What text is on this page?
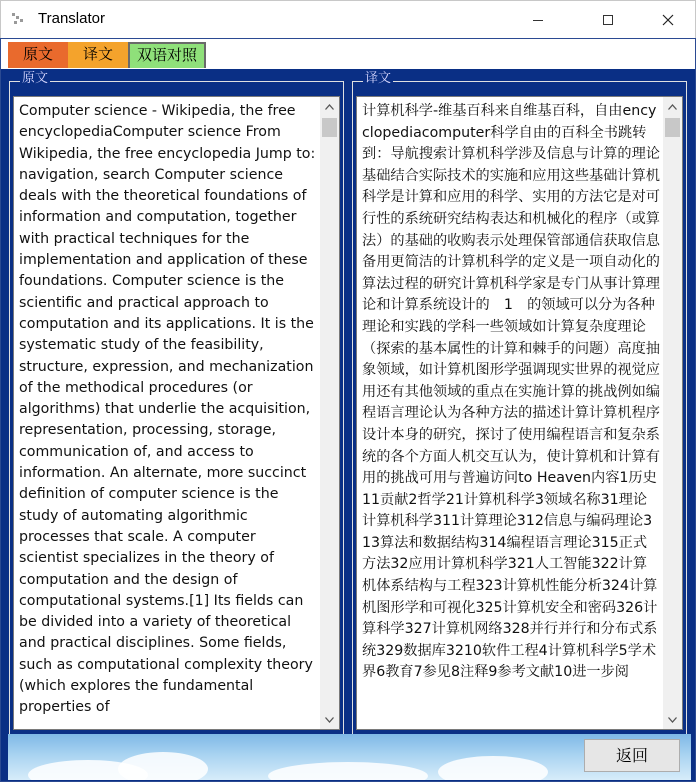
Translator
原文	译文	双语对照
原文
Computer science - Wikipedia, the free encyclopediaComputer science From Wikipedia, the free encyclopedia Jump to: navigation, search Computer science deals with the theoretical foundations of information and computation, together with practical techniques for the implementation and application of these foundations. Computer science is the scientific and practical approach to computation and its applications. It is the systematic study of the feasibility, structure, expression, and mechanization of the methodical procedures (or algorithms) that underlie the acquisition, representation, processing, storage, communication of, and access to information. An alternate, more succinct definition of computer science is the study of automating algorithmic processes that scale. A computer scientist specializes in the theory of computation and the design of computational systems.[1] Its fields can be divided into a variety of theoretical and practical disciplines. Some fields, such as computational complexity theory (which explores the fundamental properties of
译文
计算机科学-维基百科来自维基百科，自由encyclopediacomputer科学自由的百科全书跳转到：导航搜索计算机科学涉及信息与计算的理论基础结合实际技术的实施和应用这些基础计算机科学是计算和应用的科学、实用的方法它是对可行性的系统研究结构表达和机械化的程序（或算法）的基础的收购表示处理保管部通信获取信息备用更简洁的计算机科学的定义是一项自动化的算法过程的研究计算机科学家是专门从事计算理论和计算系统设计的　1　的领域可以分为各种理论和实践的学科一些领域如计算复杂度理论（探索的基本属性的计算和棘手的问题）高度抽象领域，如计算机图形学强调现实世界的视觉应用还有其他领域的重点在实施计算的挑战例如编程语言理论认为各种方法的描述计算计算机程序设计本身的研究，探讨了使用编程语言和复杂系统的各个方面人机交互认为，使计算机和计算有用的挑战可用与普遍访问to Heaven内容1历史11贡献2哲学21计算机科学3领域名称31理论计算机科学311计算理论312信息与编码理论313算法和数据结构314编程语言理论315正式方法32应用计算机科学321人工智能322计算机体系结构与工程323计算机性能分析324计算机图形学和可视化325计算机安全和密码326计算科学327计算机网络328并行并行和分布式系统329数据库3210软件工程4计算机科学5学术界6教育7参见8注释9参考文献10进一步阅
返回
